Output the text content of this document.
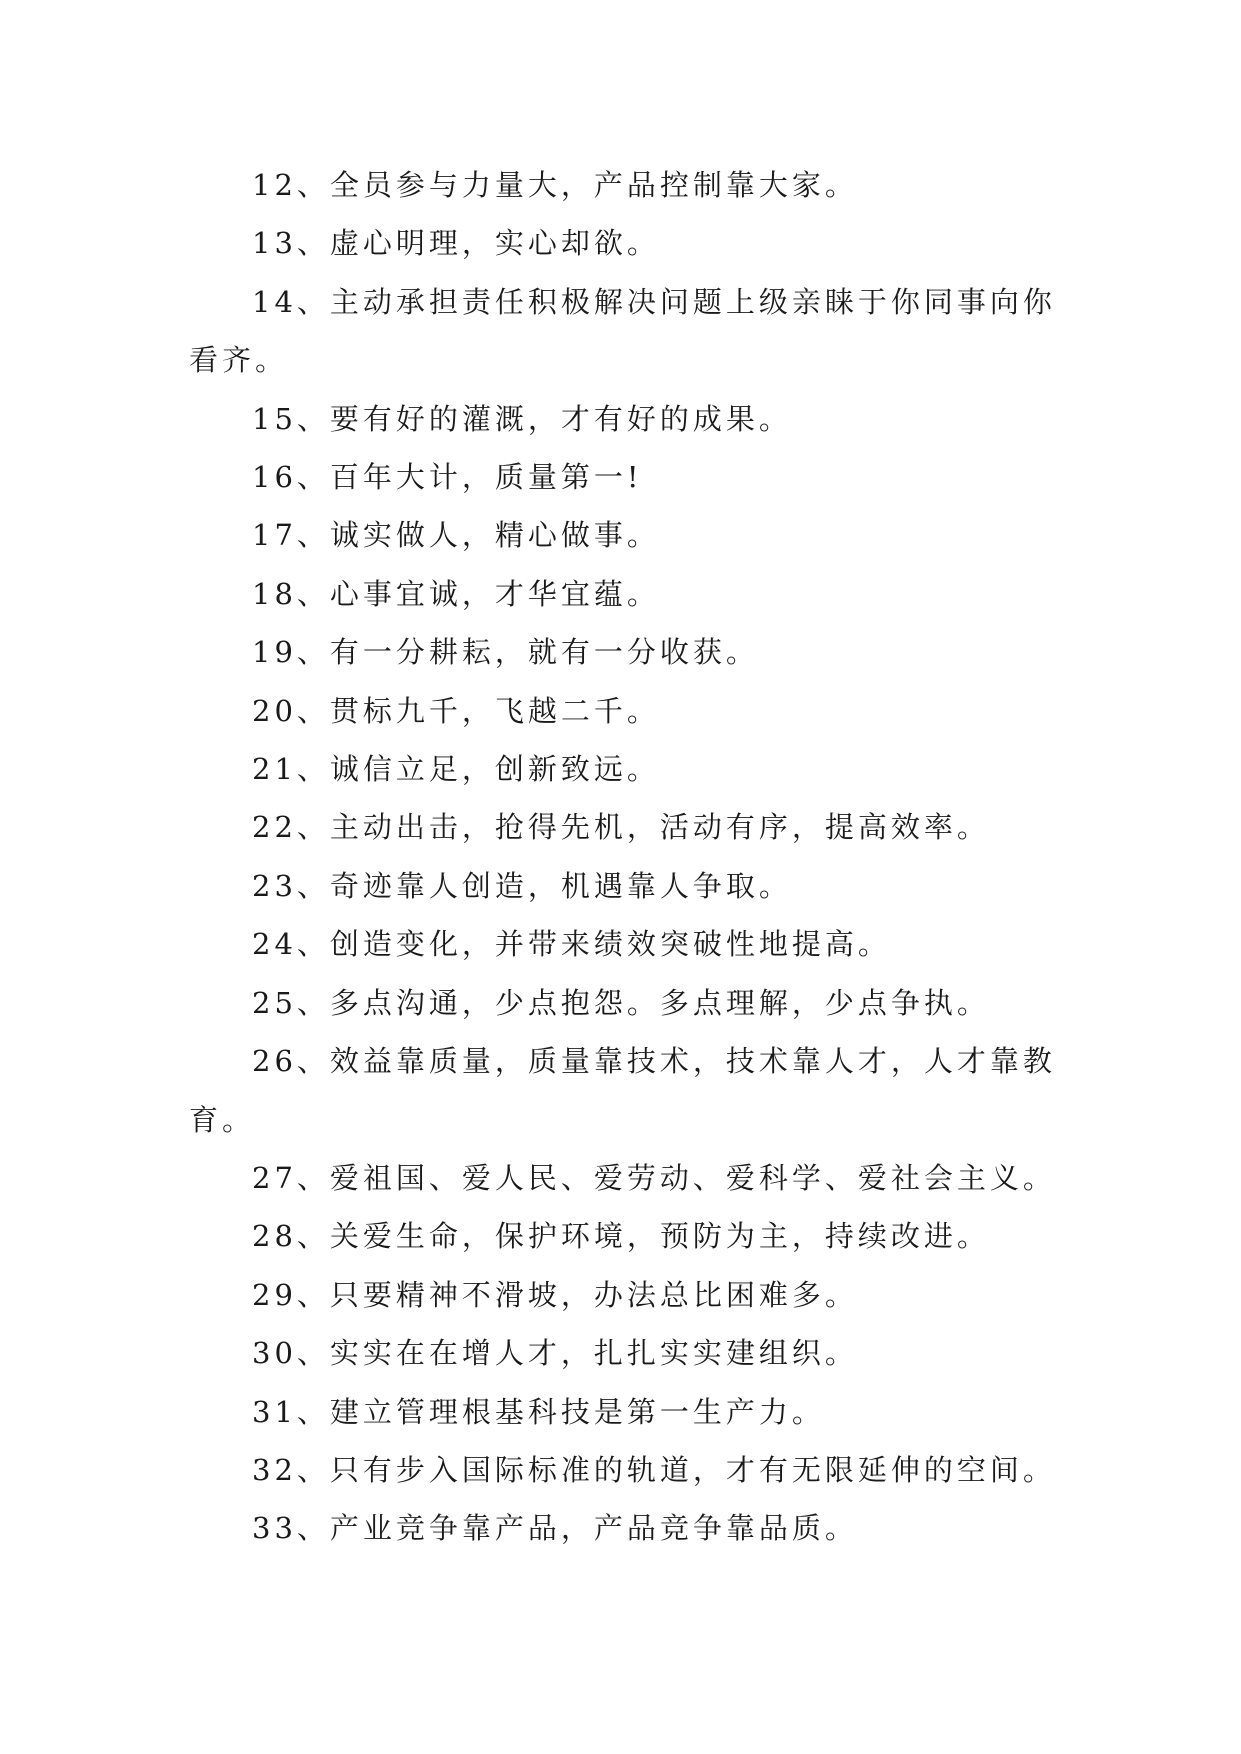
12、全员参与力量大，产品控制靠大家。

13、虚心明理，实心却欲。

14、主动承担责任积极解决问题上级亲睐于你同事向你看齐。

15、要有好的灌溉，才有好的成果。

16、百年大计，质量第一!

17、诚实做人，精心做事。

18、心事宜诚，才华宜蕴。

19、有一分耕耘，就有一分收获。

20、贯标九千，飞越二千。

21、诚信立足，创新致远。

22、主动出击，抢得先机，活动有序，提高效率。

23、奇迹靠人创造，机遇靠人争取。

24、创造变化，并带来绩效突破性地提高。

25、多点沟通，少点抱怨。多点理解，少点争执。

26、效益靠质量，质量靠技术，技术靠人才，人才靠教育。

27、爱祖国、爱人民、爱劳动、爱科学、爱社会主义。

28、关爱生命，保护环境，预防为主，持续改进。

29、只要精神不滑坡，办法总比困难多。

30、实实在在增人才，扎扎实实建组织。

31、建立管理根基科技是第一生产力。

32、只有步入国际标准的轨道，才有无限延伸的空间。

33、产业竞争靠产品，产品竞争靠品质。
